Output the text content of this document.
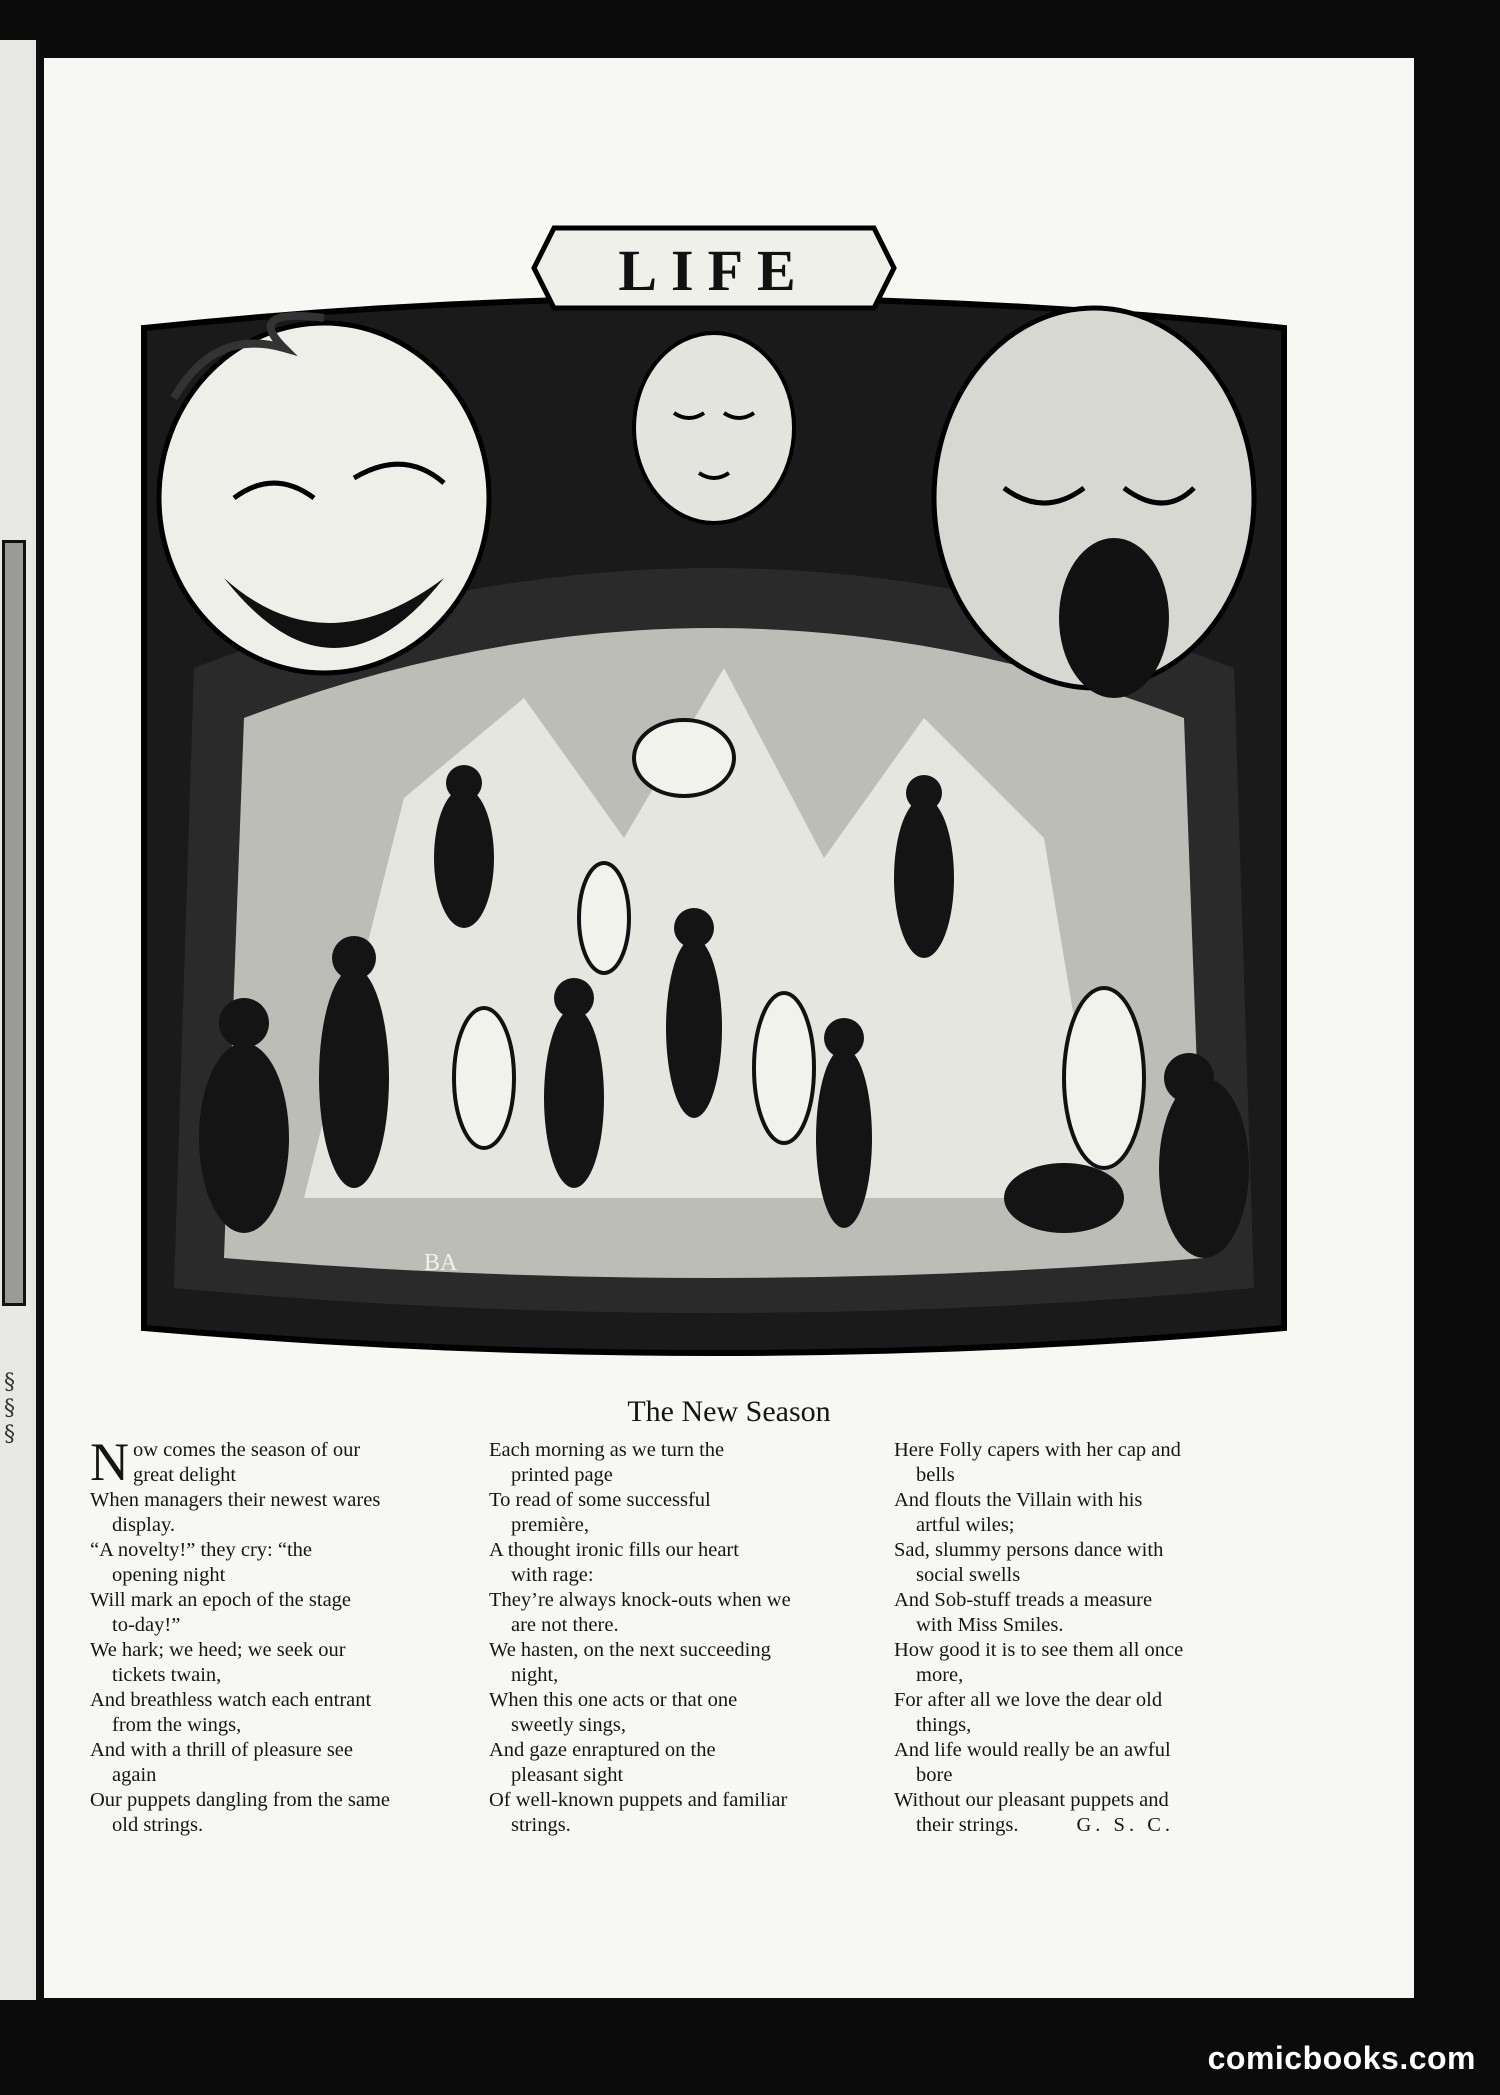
§
§
§
LIFE
BA
The New Season
N ow comes the season of our
great delight
When managers their newest wares
display.
“A novelty!” they cry: “the
opening night
Will mark an epoch of the stage
to-day!”
We hark; we heed; we seek our
tickets twain,
And breathless watch each entrant
from the wings,
And with a thrill of pleasure see
again
Our puppets dangling from the same
old strings.
Each morning as we turn the
printed page
To read of some successful
première,
A thought ironic fills our heart
with rage:
They’re always knock-outs when we
are not there.
We hasten, on the next succeeding
night,
When this one acts or that one
sweetly sings,
And gaze enraptured on the
pleasant sight
Of well-known puppets and familiar
strings.
Here Folly capers with her cap and
bells
And flouts the Villain with his
artful wiles;
Sad, slummy persons dance with
social swells
And Sob-stuff treads a measure
with Miss Smiles.
How good it is to see them all once
more,
For after all we love the dear old
things,
And life would really be an awful
bore
Without our pleasant puppets and
their strings.	G. S. C.
comicbooks.com
